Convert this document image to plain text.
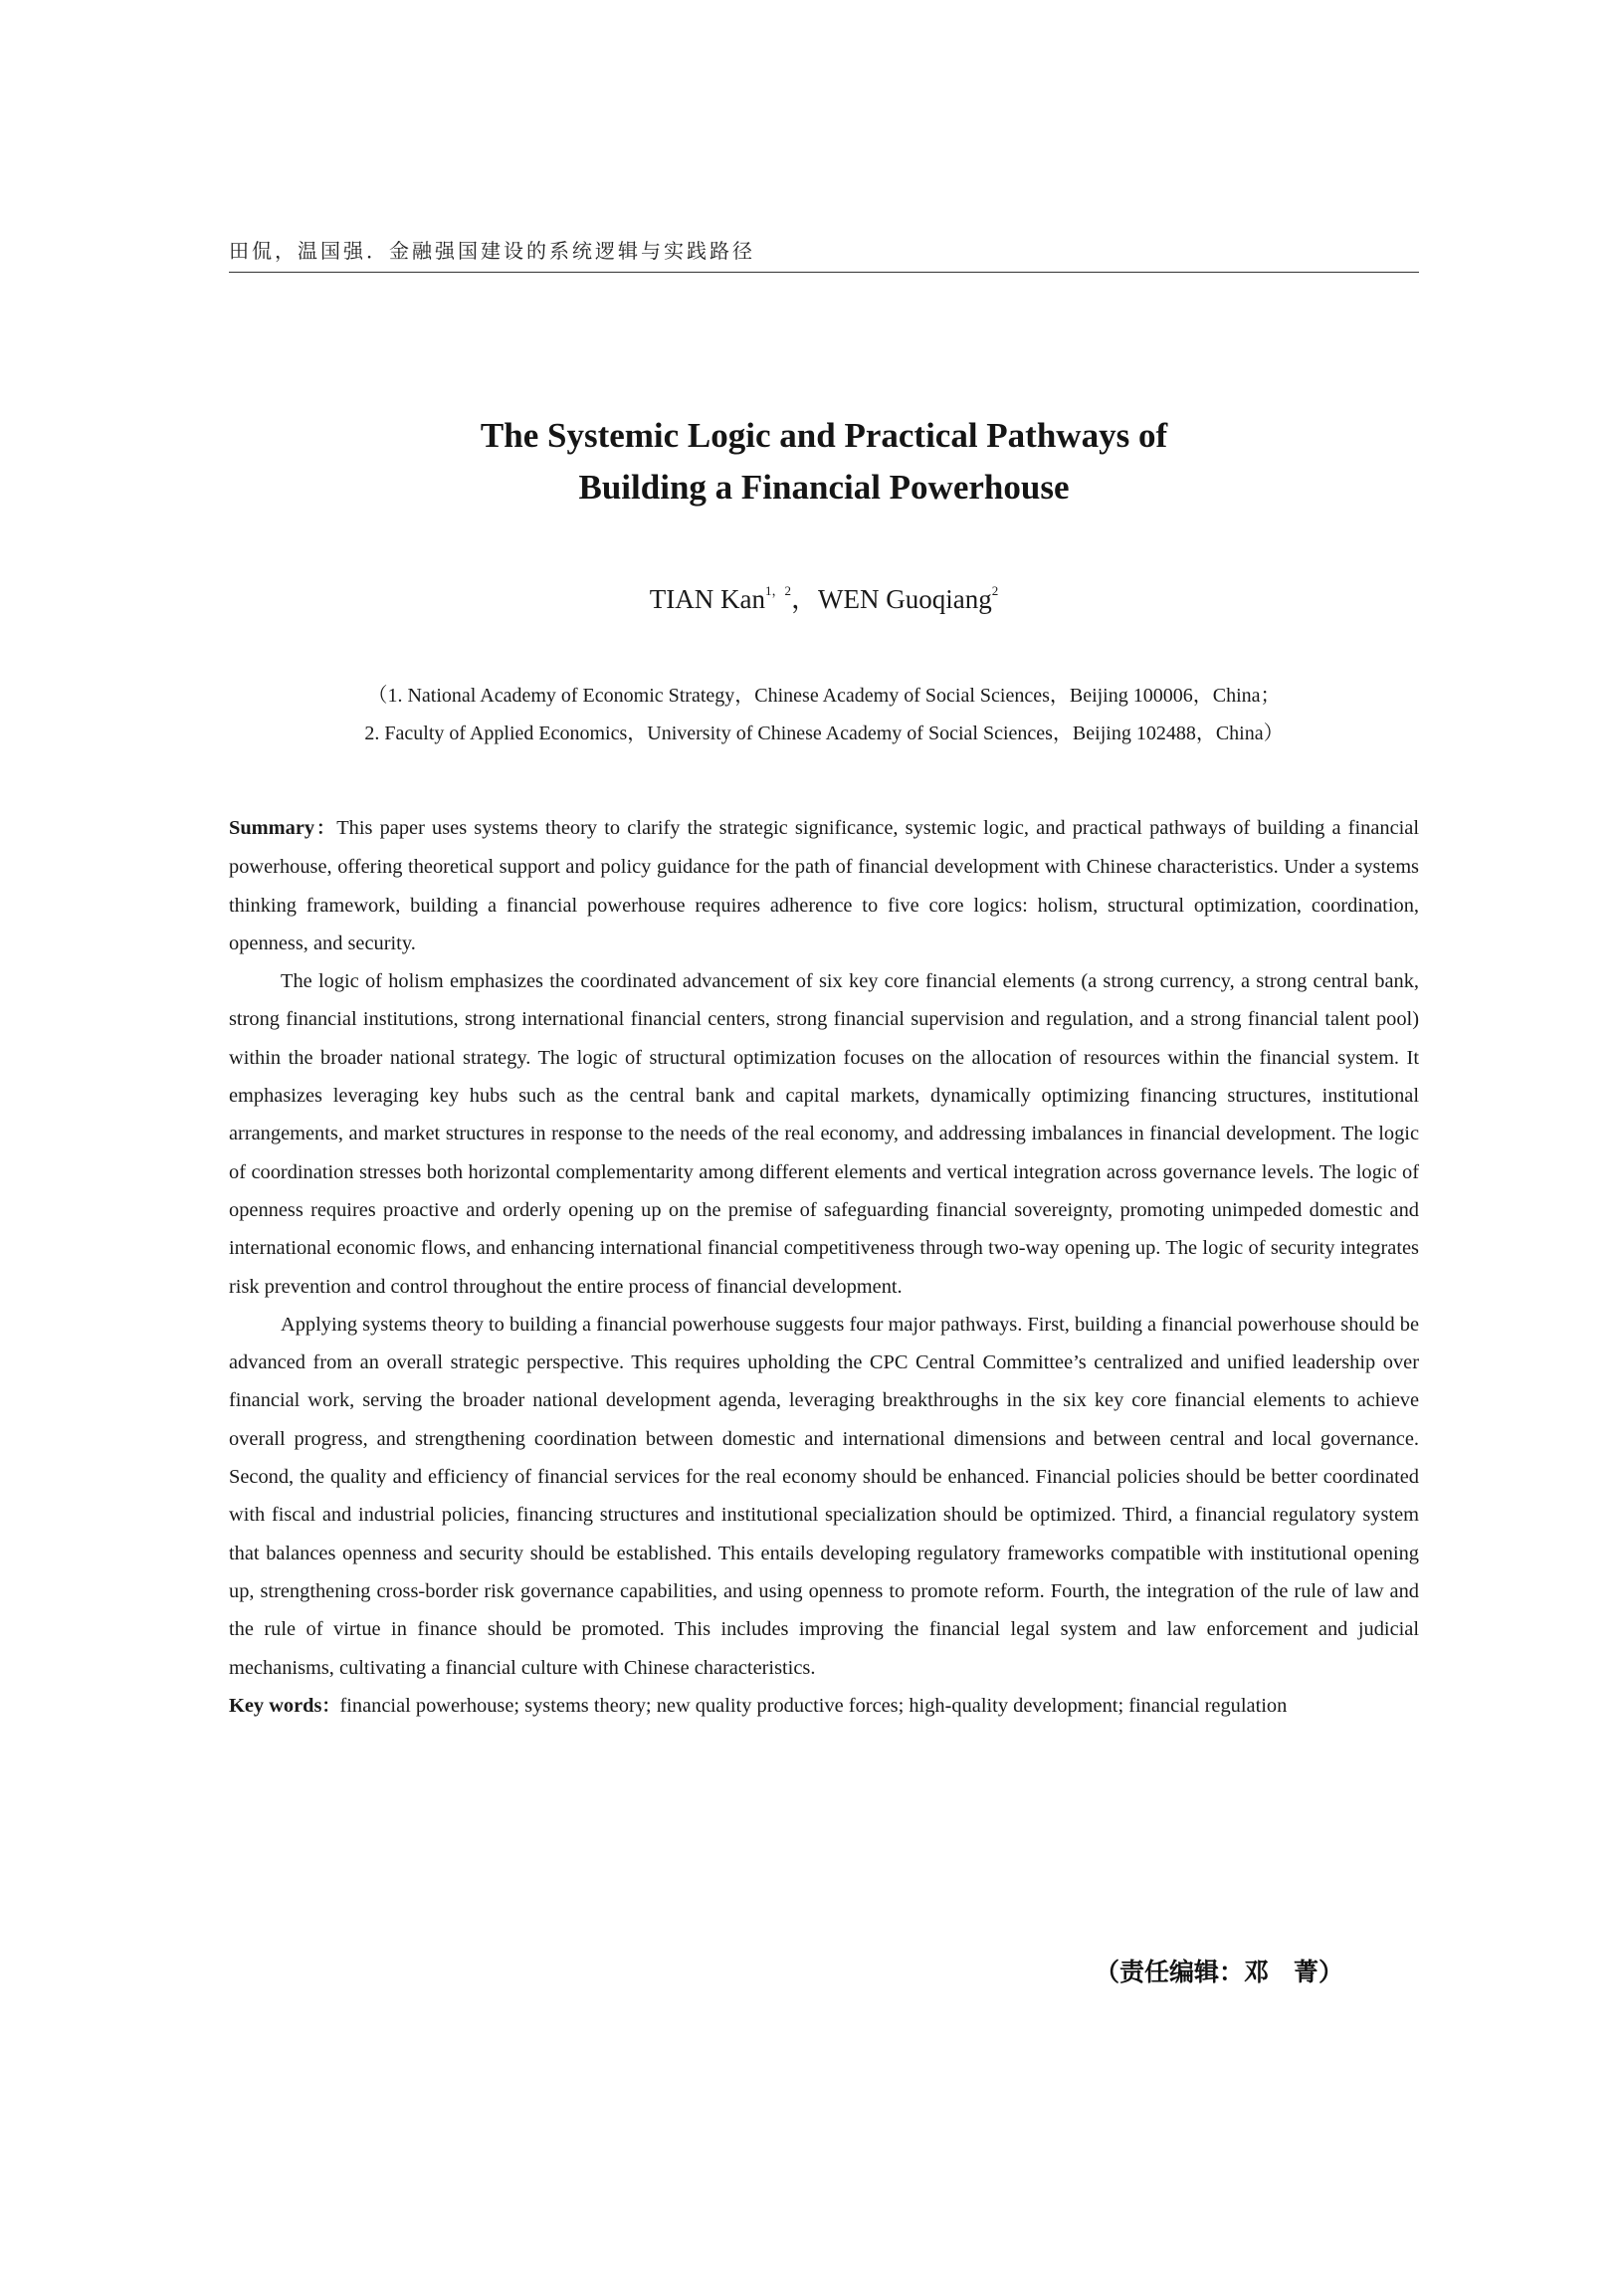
田侃，温国强．金融强国建设的系统逻辑与实践路径
The Systemic Logic and Practical Pathways of
Building a Financial Powerhouse
TIAN Kan$^{1,2}$，WEN Guoqiang$^2$
（1. National Academy of Economic Strategy，Chinese Academy of Social Sciences，Beijing 100006，China；
2. Faculty of Applied Economics，University of Chinese Academy of Social Sciences，Beijing 102488，China）

Summary：This paper uses systems theory to clarify the strategic significance, systemic logic, and practical pathways of building a financial powerhouse, offering theoretical support and policy guidance for the path of financial development with Chinese characteristics. Under a systems thinking framework, building a financial powerhouse requires adherence to five core logics: holism, structural optimization, coordination, openness, and security.

The logic of holism emphasizes the coordinated advancement of six key core financial elements (a strong currency, a strong central bank, strong financial institutions, strong international financial centers, strong financial supervision and regulation, and a strong financial talent pool) within the broader national strategy. The logic of structural optimization focuses on the allocation of resources within the financial system. It emphasizes leveraging key hubs such as the central bank and capital markets, dynamically optimizing financing structures, institutional arrangements, and market structures in response to the needs of the real economy, and addressing imbalances in financial development. The logic of coordination stresses both horizontal complementarity among different elements and vertical integration across governance levels. The logic of openness requires proactive and orderly opening up on the premise of safeguarding financial sovereignty, promoting unimpeded domestic and international economic flows, and enhancing international financial competitiveness through two-way opening up. The logic of security integrates risk prevention and control throughout the entire process of financial development.

Applying systems theory to building a financial powerhouse suggests four major pathways. First, building a financial powerhouse should be advanced from an overall strategic perspective. This requires upholding the CPC Central Committee’s centralized and unified leadership over financial work, serving the broader national development agenda, leveraging breakthroughs in the six key core financial elements to achieve overall progress, and strengthening coordination between domestic and international dimensions and between central and local governance. Second, the quality and efficiency of financial services for the real economy should be enhanced. Financial policies should be better coordinated with fiscal and industrial policies, financing structures and institutional specialization should be optimized. Third, a financial regulatory system that balances openness and security should be established. This entails developing regulatory frameworks compatible with institutional opening up, strengthening cross-border risk governance capabilities, and using openness to promote reform. Fourth, the integration of the rule of law and the rule of virtue in finance should be promoted. This includes improving the financial legal system and law enforcement and judicial mechanisms, cultivating a financial culture with Chinese characteristics.

Key words：financial powerhouse; systems theory; new quality productive forces; high-quality development; financial regulation

（责任编辑：邓　菁）
